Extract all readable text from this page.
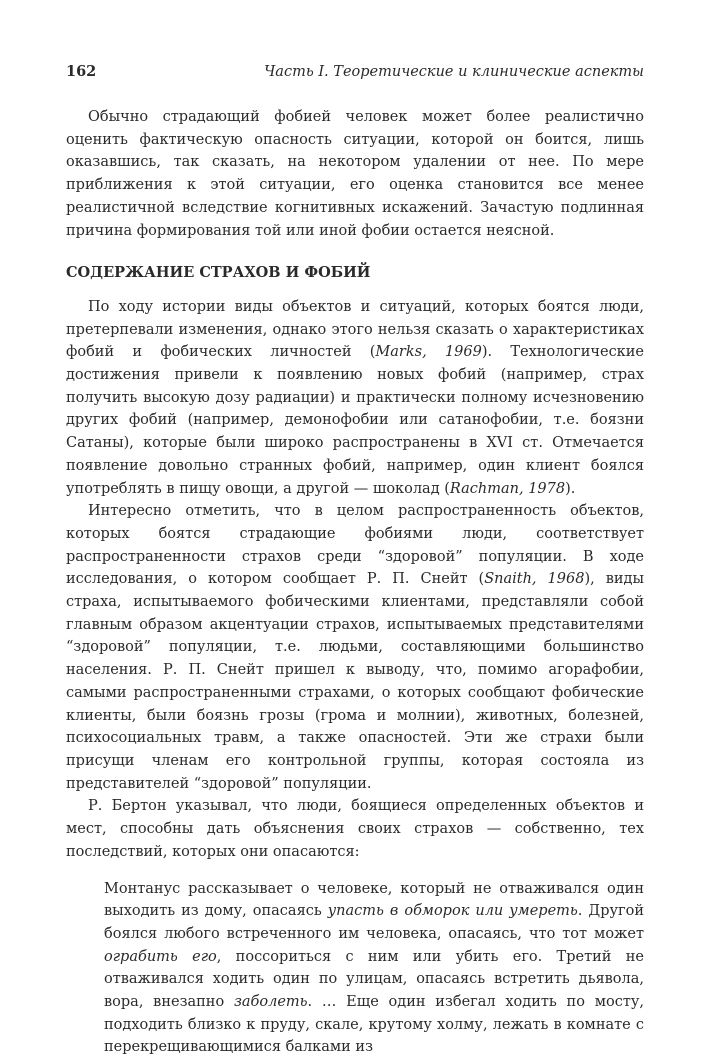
162	Часть I. Теоретические и клинические аспекты

Обычно страдающий фобией человек может более реалистично оценить фактическую опасность ситуации, которой он боится, лишь оказавшись, так сказать, на некотором удалении от нее. По мере приближения к этой ситуации, его оценка становится все менее реалистичной вследствие когнитивных искажений. Зачастую подлинная причина формирования той или иной фобии остается неясной.

СОДЕРЖАНИЕ СТРАХОВ И ФОБИЙ

По ходу истории виды объектов и ситуаций, которых боятся люди, претерпевали изменения, однако этого нельзя сказать о характеристиках фобий и фобических личностей (Marks, 1969). Технологические достижения привели к появлению новых фобий (например, страх получить высокую дозу радиации) и практически полному исчезновению других фобий (например, демонофобии или сатанофобии, т.е. боязни Сатаны), которые были широко распространены в XVI ст. Отмечается появление довольно странных фобий, например, один клиент боялся употреблять в пищу овощи, а другой — шоколад (Rachman, 1978).

Интересно отметить, что в целом распространенность объектов, которых боятся страдающие фобиями люди, соответствует распространенности страхов среди “здоровой” популяции. В ходе исследования, о котором сообщает Р. П. Снейт (Snaith, 1968), виды страха, испытываемого фобическими клиентами, представляли собой главным образом акцентуации страхов, испытываемых представителями “здоровой” популяции, т.е. людьми, составляющими большинство населения. Р. П. Снейт пришел к выводу, что, помимо агорафобии, самыми распространенными страхами, о которых сообщают фобические клиенты, были боязнь грозы (грома и молнии), животных, болезней, психосоциальных травм, а также опасностей. Эти же страхи были присущи членам его контрольной группы, которая состояла из представителей “здоровой” популяции.

Р. Бертон указывал, что люди, боящиеся определенных объектов и мест, способны дать объяснения своих страхов — собственно, тех последствий, которых они опасаются:

Монтанус рассказывает о человеке, который не отваживался один выходить из дому, опасаясь упасть в обморок или умереть. Другой боялся любого встреченного им человека, опасаясь, что тот может ограбить его, поссориться с ним или убить его. Третий не отваживался ходить один по улицам, опасаясь встретить дьявола, вора, внезапно заболеть. … Еще один избегал ходить по мосту, подходить близко к пруду, скале, крутому холму, лежать в комнате с перекрещивающимися балками из
